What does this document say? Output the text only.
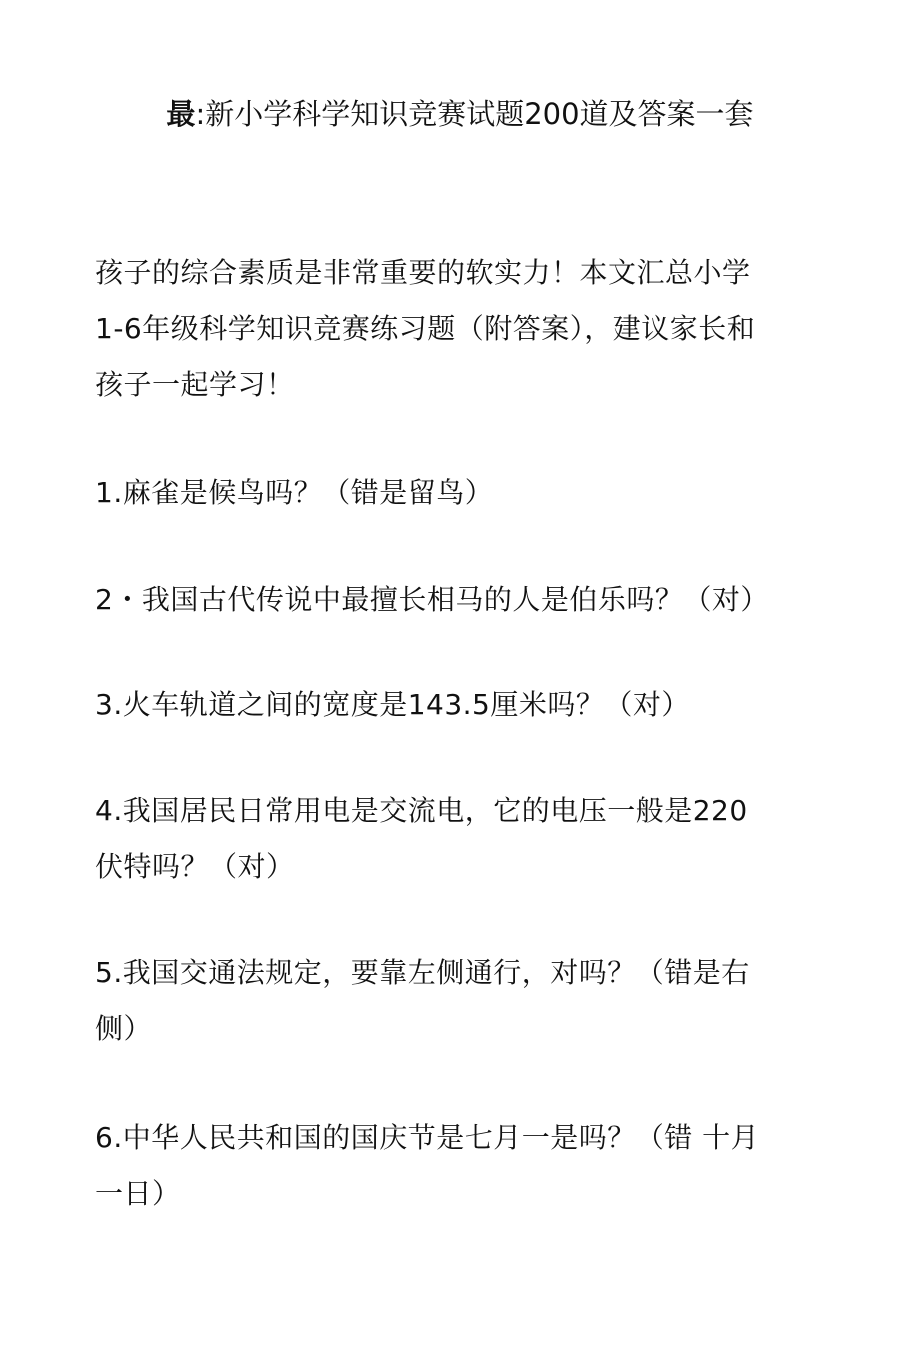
最:新小学科学知识竞赛试题200道及答案一套

孩子的综合素质是非常重要的软实力！本文汇总小学
1-6年级科学知识竞赛练习题（附答案），建议家长和
孩子一起学习！

1.麻雀是候鸟吗？（错是留鸟）

2・我国古代传说中最擅长相马的人是伯乐吗？（对）

3.火车轨道之间的宽度是143.5厘米吗？（对）

4.我国居民日常用电是交流电，它的电压一般是220
伏特吗？（对）

5.我国交通法规定，要靠左侧通行，对吗？（错是右
侧）

6.中华人民共和国的国庆节是七月一是吗？（错 十月
一日）
